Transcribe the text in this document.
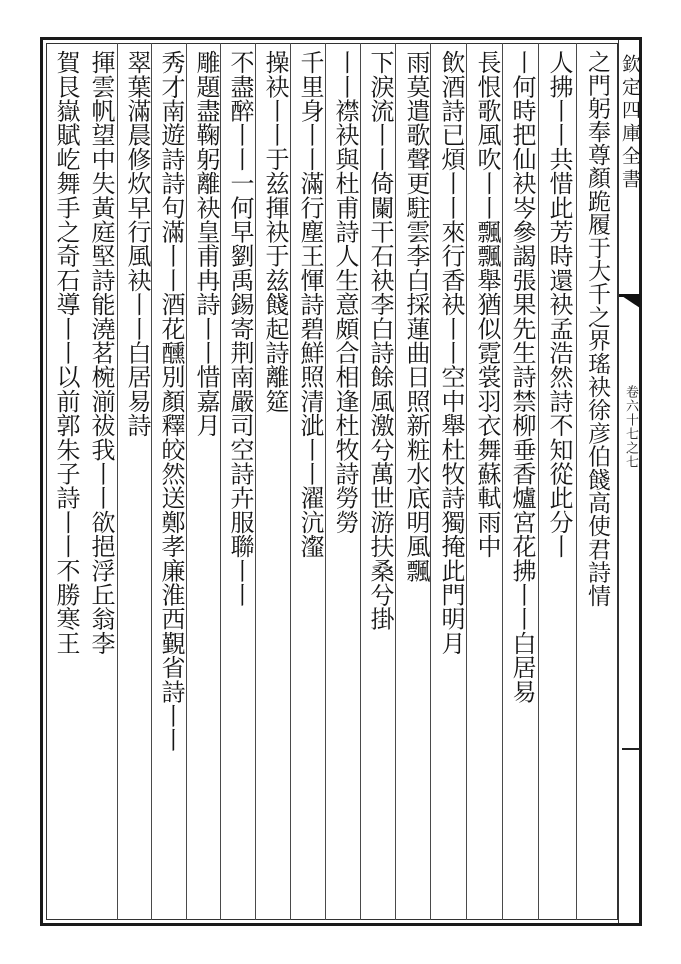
欽定四庫全書
卷六十七之七
之門躬奉尊顏跪履于大千之界瑤袂徐彦伯餞高使君詩情
人拂丨丨共惜此芳時還袂孟浩然詩不知從此分丨
丨何時把仙袂岑參謁張果先生詩禁柳垂香爐宮花拂丨丨白居易
長恨歌風吹丨丨飄飄舉猶似霓裳羽衣舞蘇軾雨中
飲酒詩已煩丨丨來行香袂丨丨空中舉杜牧詩獨掩此門明月
雨莫遣歌聲更駐雲李白採蓮曲日照新粧水底明風飄
下淚流丨丨倚闌干石袂李白詩餘風激兮萬世游扶桑兮掛
丨丨襟袂與杜甫詩人生意頗合相逢杜牧詩勞勞
千里身丨丨滿行塵王惲詩碧鮮照清泚丨丨濯沆瀣
操袂丨丨于兹揮袂于兹餞起詩離筵
不盡醉丨丨一何早劉禹錫寄荆南嚴司空詩卉服聯丨丨
雕題盡鞠躬離袂皇甫冉詩丨丨惜嘉月
秀才南遊詩詩句滿丨丨酒花醺別顏釋皎然送鄭孝廉淮西覲省詩丨丨
翠葉滿晨修炊早行風袂丨丨白居易詩
揮雲帆望中失黃庭堅詩能澆茗椀湔祓我丨丨欲挹浮丘翁李
賀艮嶽賦屹舞手之奇石導丨丨以前郭朱子詩丨丨不勝寒王
